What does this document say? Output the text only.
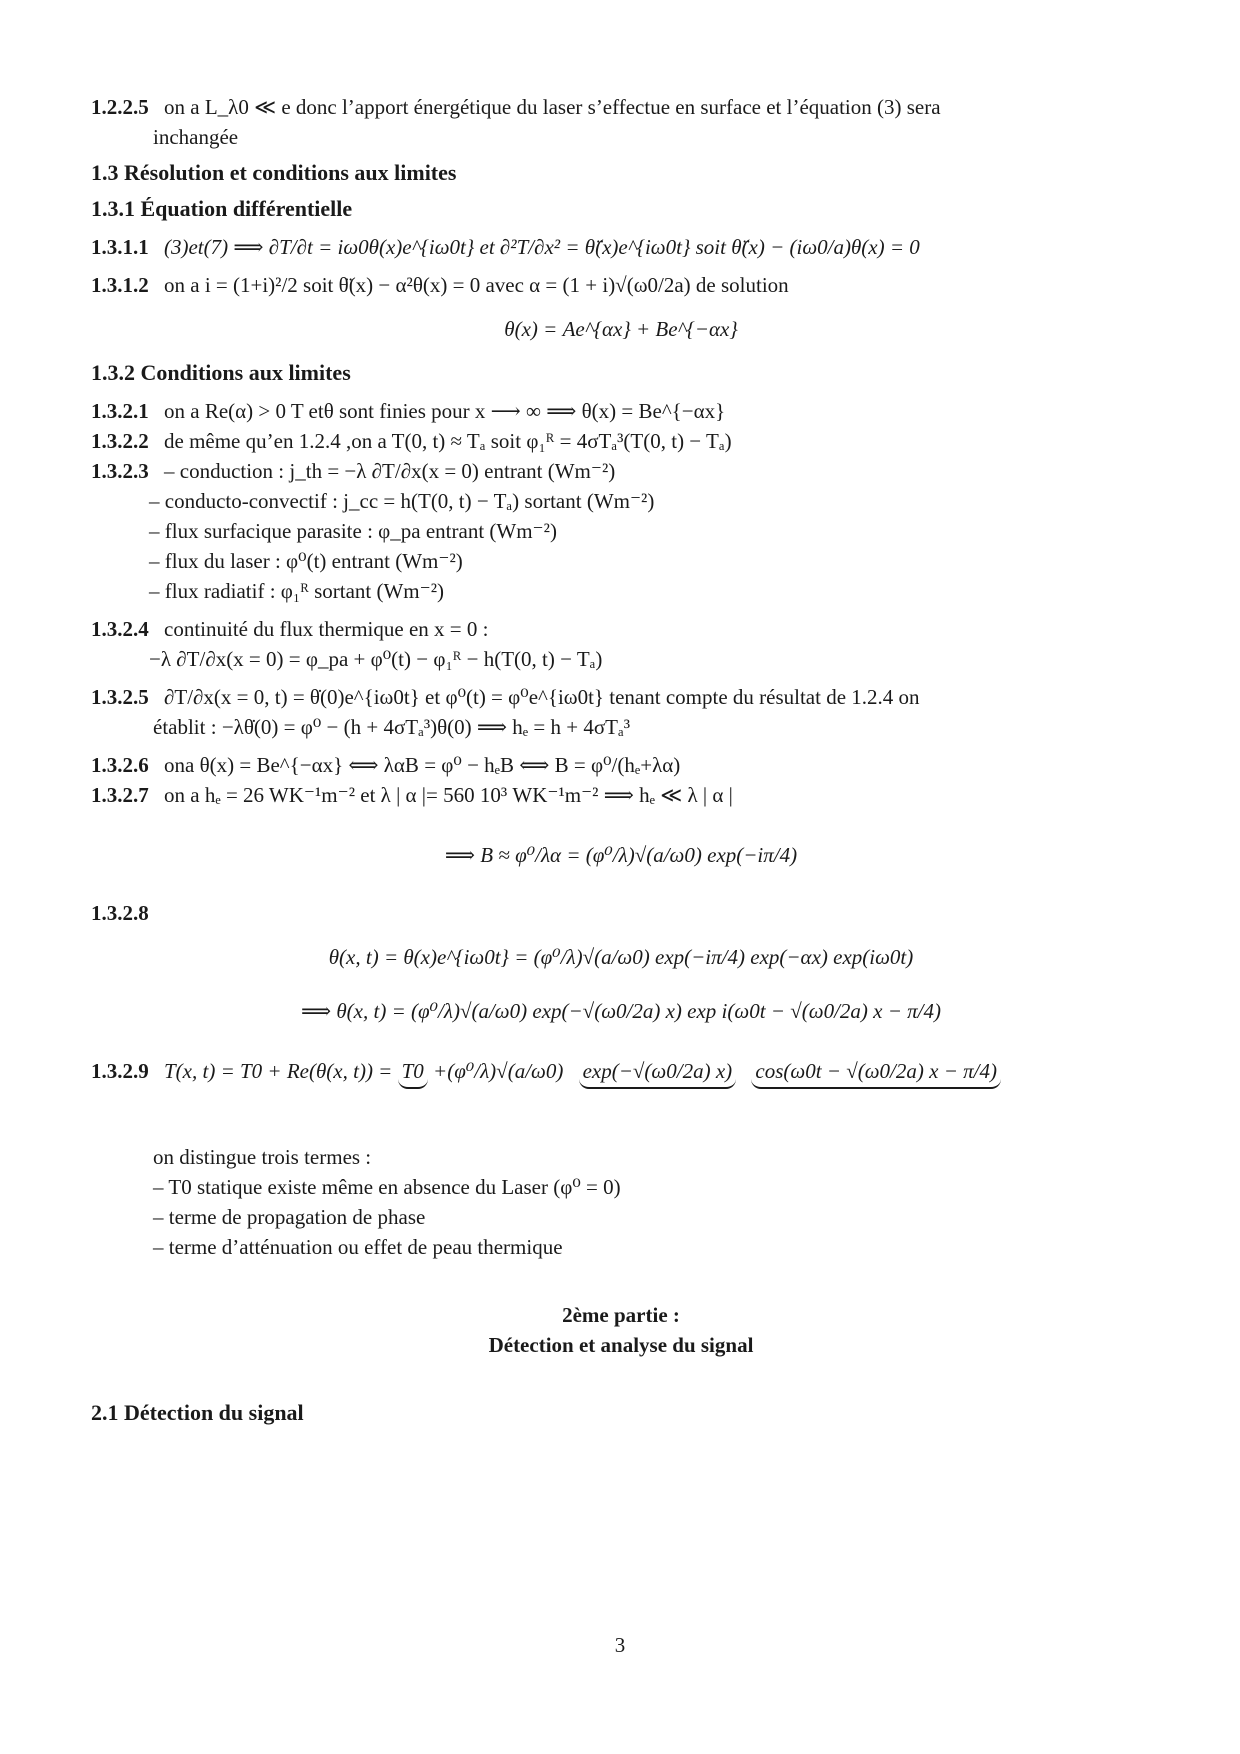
1.2.2.5 on a L_λ0 ≪ e donc l’apport énergétique du laser s’effectue en surface et l’équation (3) sera
inchangée
1.3 Résolution et conditions aux limites
1.3.1 Équation différentielle
1.3.1.1 (3)et(7) ⟹ ∂T/∂t = iω0θ(x)e^{iω0t} et ∂²T/∂x² = θ̈(x)e^{iω0t} soit θ̈(x) − (iω0/a)θ(x) = 0
1.3.1.2 on a i = (1+i)²/2 soit θ̈(x) − α²θ(x) = 0 avec α = (1 + i)√(ω0/2a) de solution
θ(x) = Ae^{αx} + Be^{−αx}
1.3.2 Conditions aux limites
1.3.2.1 on a Re(α) > 0 T etθ sont finies pour x ⟶ ∞ ⟹ θ(x) = Be^{−αx}
1.3.2.2 de même qu’en 1.2.4 ,on a T(0, t) ≈ Tₐ soit φ₁ᴿ = 4σTₐ³(T(0, t) − Tₐ)
1.3.2.3 – conduction : j_th = −λ ∂T/∂x(x = 0) entrant (Wm⁻²)
– conducto-convectif : j_cc = h(T(0, t) − Tₐ) sortant (Wm⁻²)
– flux surfacique parasite : φ_pa entrant (Wm⁻²)
– flux du laser : φ⁰(t) entrant (Wm⁻²)
– flux radiatif : φ₁ᴿ sortant (Wm⁻²)
1.3.2.4 continuité du flux thermique en x = 0 :
−λ ∂T/∂x(x = 0) = φ_pa + φ⁰(t) − φ₁ᴿ − h(T(0, t) − Tₐ)
1.3.2.5 ∂T/∂x(x = 0, t) = θ̇(0)e^{iω0t} et φ⁰(t) = φ⁰e^{iω0t} tenant compte du résultat de 1.2.4 on
établit : −λθ̇(0) = φ⁰ − (h + 4σTₐ³)θ(0) ⟹ hₑ = h + 4σTₐ³
1.3.2.6 ona θ(x) = Be^{−αx} ⟺ λαB = φ⁰ − hₑB ⟺ B = φ⁰/(hₑ+λα)
1.3.2.7 on a hₑ = 26 WK⁻¹m⁻² et λ | α |= 560 10³ WK⁻¹m⁻² ⟹ hₑ ≪ λ | α |
⟹ B ≈ φ⁰/λα = (φ⁰/λ)√(a/ω0) exp(−iπ/4)
1.3.2.8
θ(x, t) = θ(x)e^{iω0t} = (φ⁰/λ)√(a/ω0) exp(−iπ/4) exp(−αx) exp(iω0t)
⟹ θ(x, t) = (φ⁰/λ)√(a/ω0) exp(−√(ω0/2a) x) exp i(ω0t − √(ω0/2a) x − π/4)
1.3.2.9 T(x, t) = T0 + Re(θ(x, t)) = T0 +(φ⁰/λ)√(a/ω0) exp(−√(ω0/2a) x) cos(ω0t − √(ω0/2a) x − π/4)
on distingue trois termes :
– T0 statique existe même en absence du Laser (φ⁰ = 0)
– terme de propagation de phase
– terme d’atténuation ou effet de peau thermique
2ème partie :
Détection et analyse du signal
2.1 Détection du signal
3
